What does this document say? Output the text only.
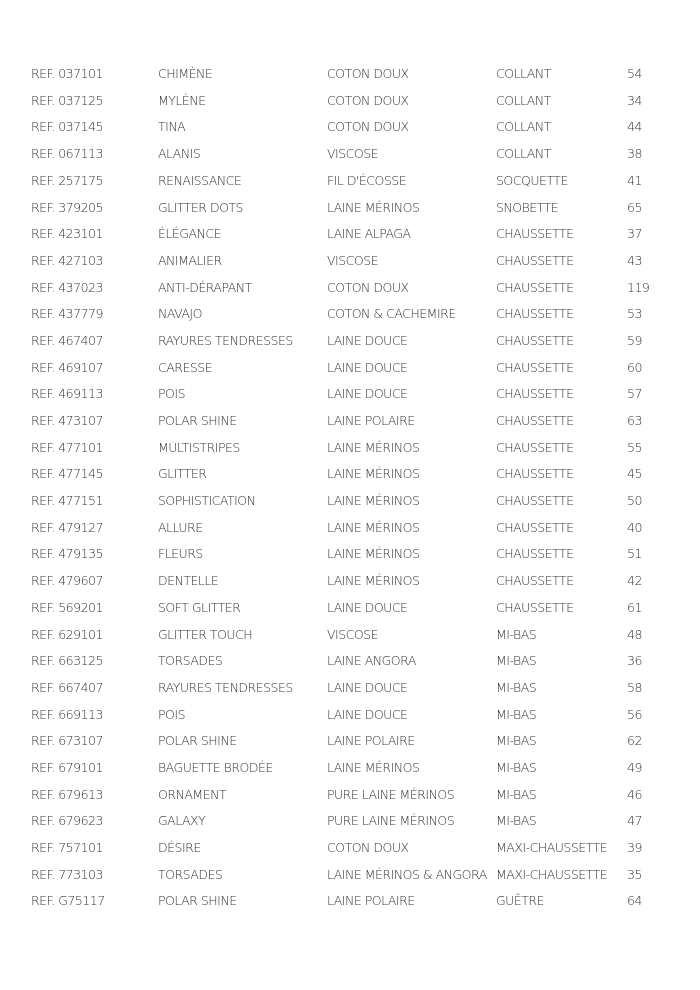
REF. 037101	CHIMÈNE	COTON DOUX	COLLANT	54
REF. 037125	MYLÈNE	COTON DOUX	COLLANT	34
REF. 037145	TINA	COTON DOUX	COLLANT	44
REF. 067113	ALANIS	VISCOSE	COLLANT	38
REF. 257175	RENAISSANCE	FIL D'ÉCOSSE	SOCQUETTE	41
REF. 379205	GLITTER DOTS	LAINE MÉRINOS	SNOBETTE	65
REF. 423101	ÉLÉGANCE	LAINE ALPAGA	CHAUSSETTE	37
REF. 427103	ANIMALIER	VISCOSE	CHAUSSETTE	43
REF. 437023	ANTI-DÉRAPANT	COTON DOUX	CHAUSSETTE	119
REF. 437779	NAVAJO	COTON & CACHEMIRE	CHAUSSETTE	53
REF. 467407	RAYURES TENDRESSES	LAINE DOUCE	CHAUSSETTE	59
REF. 469107	CARESSE	LAINE DOUCE	CHAUSSETTE	60
REF. 469113	POIS	LAINE DOUCE	CHAUSSETTE	57
REF. 473107	POLAR SHINE	LAINE POLAIRE	CHAUSSETTE	63
REF. 477101	MULTISTRIPES	LAINE MÉRINOS	CHAUSSETTE	55
REF. 477145	GLITTER	LAINE MÉRINOS	CHAUSSETTE	45
REF. 477151	SOPHISTICATION	LAINE MÉRINOS	CHAUSSETTE	50
REF. 479127	ALLURE	LAINE MÉRINOS	CHAUSSETTE	40
REF. 479135	FLEURS	LAINE MÉRINOS	CHAUSSETTE	51
REF. 479607	DENTELLE	LAINE MÉRINOS	CHAUSSETTE	42
REF. 569201	SOFT GLITTER	LAINE DOUCE	CHAUSSETTE	61
REF. 629101	GLITTER TOUCH	VISCOSE	MI-BAS	48
REF. 663125	TORSADES	LAINE ANGORA	MI-BAS	36
REF. 667407	RAYURES TENDRESSES	LAINE DOUCE	MI-BAS	58
REF. 669113	POIS	LAINE DOUCE	MI-BAS	56
REF. 673107	POLAR SHINE	LAINE POLAIRE	MI-BAS	62
REF. 679101	BAGUETTE BRODÉE	LAINE MÉRINOS	MI-BAS	49
REF. 679613	ORNAMENT	PURE LAINE MÉRINOS	MI-BAS	46
REF. 679623	GALAXY	PURE LAINE MÉRINOS	MI-BAS	47
REF. 757101	DÉSIRE	COTON DOUX	MAXI-CHAUSSETTE	39
REF. 773103	TORSADES	LAINE MÉRINOS & ANGORA	MAXI-CHAUSSETTE	35
REF. G75117	POLAR SHINE	LAINE POLAIRE	GUÊTRE	64
